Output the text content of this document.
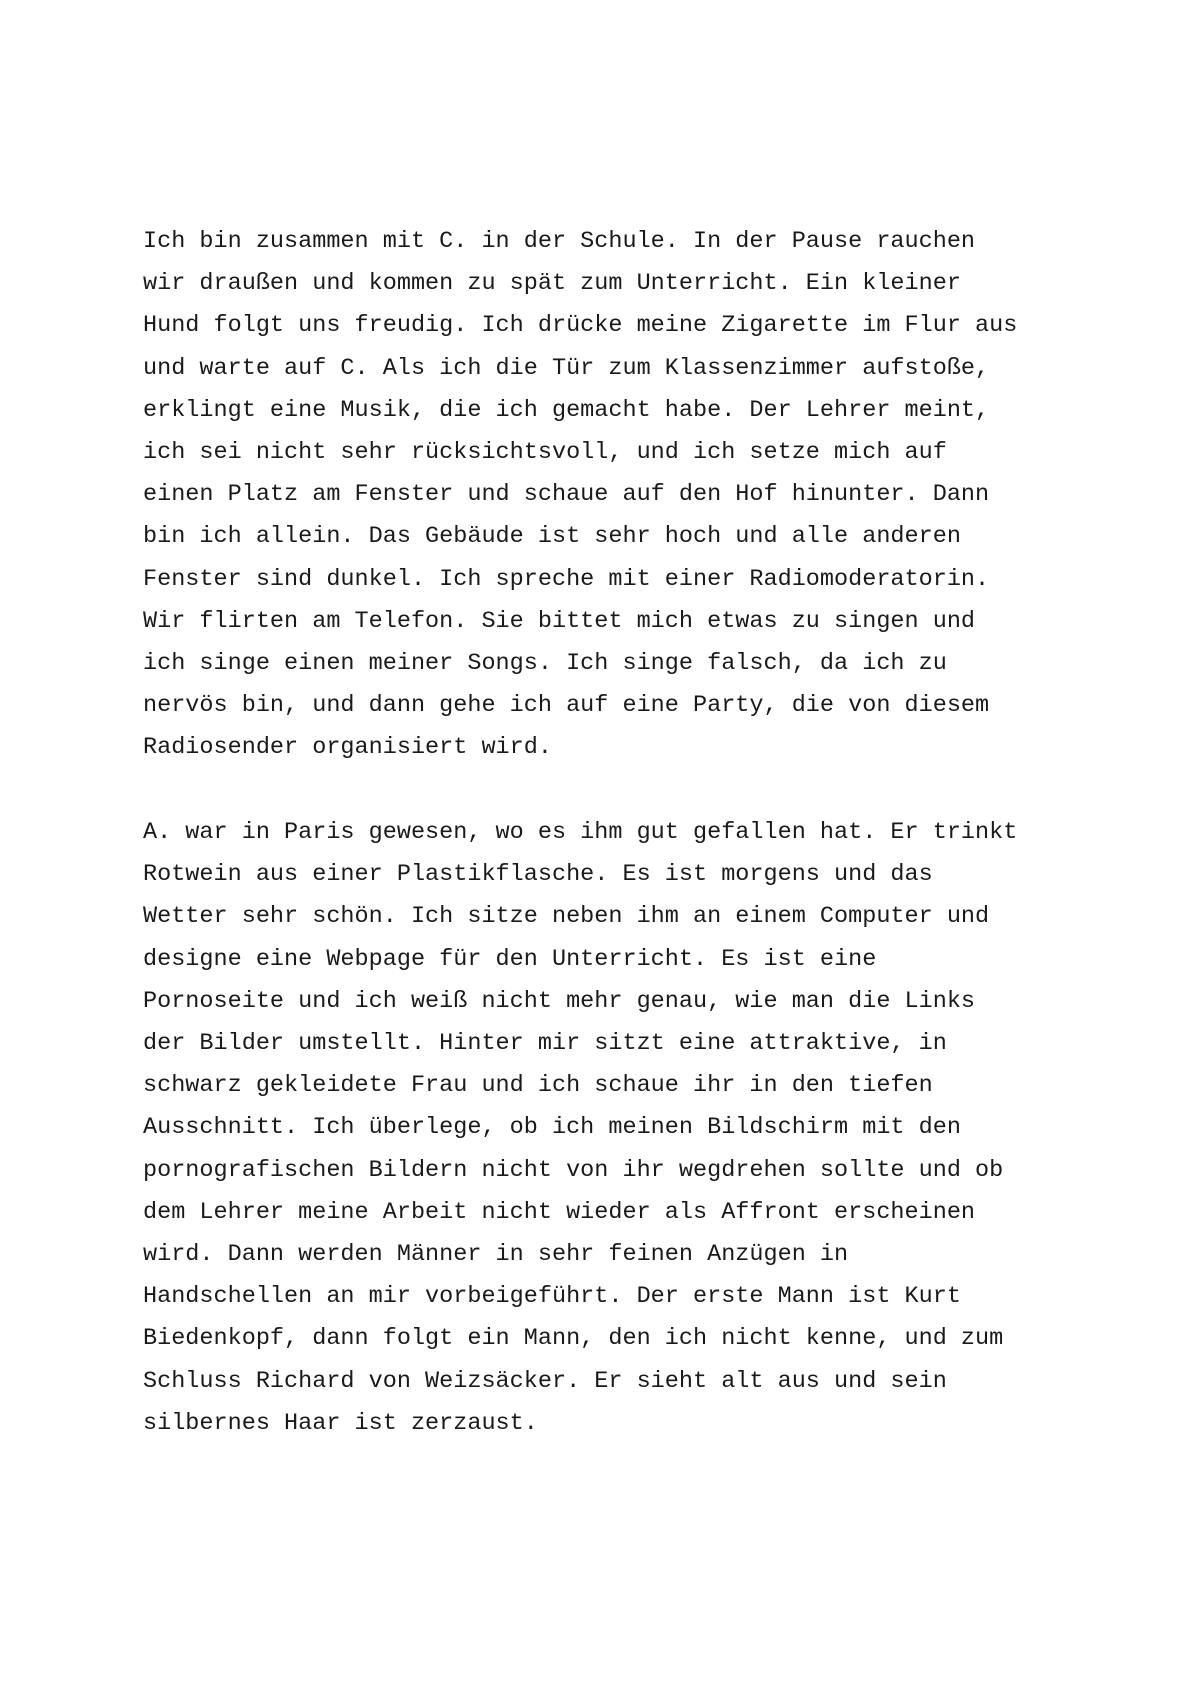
Ich bin zusammen mit C. in der Schule. In der Pause rauchen
wir draußen und kommen zu spät zum Unterricht. Ein kleiner
Hund folgt uns freudig. Ich drücke meine Zigarette im Flur aus
und warte auf C. Als ich die Tür zum Klassenzimmer aufstoße,
erklingt eine Musik, die ich gemacht habe. Der Lehrer meint,
ich sei nicht sehr rücksichtsvoll, und ich setze mich auf
einen Platz am Fenster und schaue auf den Hof hinunter. Dann
bin ich allein. Das Gebäude ist sehr hoch und alle anderen
Fenster sind dunkel. Ich spreche mit einer Radiomoderatorin.
Wir flirten am Telefon. Sie bittet mich etwas zu singen und
ich singe einen meiner Songs. Ich singe falsch, da ich zu
nervös bin, und dann gehe ich auf eine Party, die von diesem
Radiosender organisiert wird.
A. war in Paris gewesen, wo es ihm gut gefallen hat. Er trinkt
Rotwein aus einer Plastikflasche. Es ist morgens und das
Wetter sehr schön. Ich sitze neben ihm an einem Computer und
designe eine Webpage für den Unterricht. Es ist eine
Pornoseite und ich weiß nicht mehr genau, wie man die Links
der Bilder umstellt. Hinter mir sitzt eine attraktive, in
schwarz gekleidete Frau und ich schaue ihr in den tiefen
Ausschnitt. Ich überlege, ob ich meinen Bildschirm mit den
pornografischen Bildern nicht von ihr wegdrehen sollte und ob
dem Lehrer meine Arbeit nicht wieder als Affront erscheinen
wird. Dann werden Männer in sehr feinen Anzügen in
Handschellen an mir vorbeigeführt. Der erste Mann ist Kurt
Biedenkopf, dann folgt ein Mann, den ich nicht kenne, und zum
Schluss Richard von Weizsäcker. Er sieht alt aus und sein
silbernes Haar ist zerzaust.
